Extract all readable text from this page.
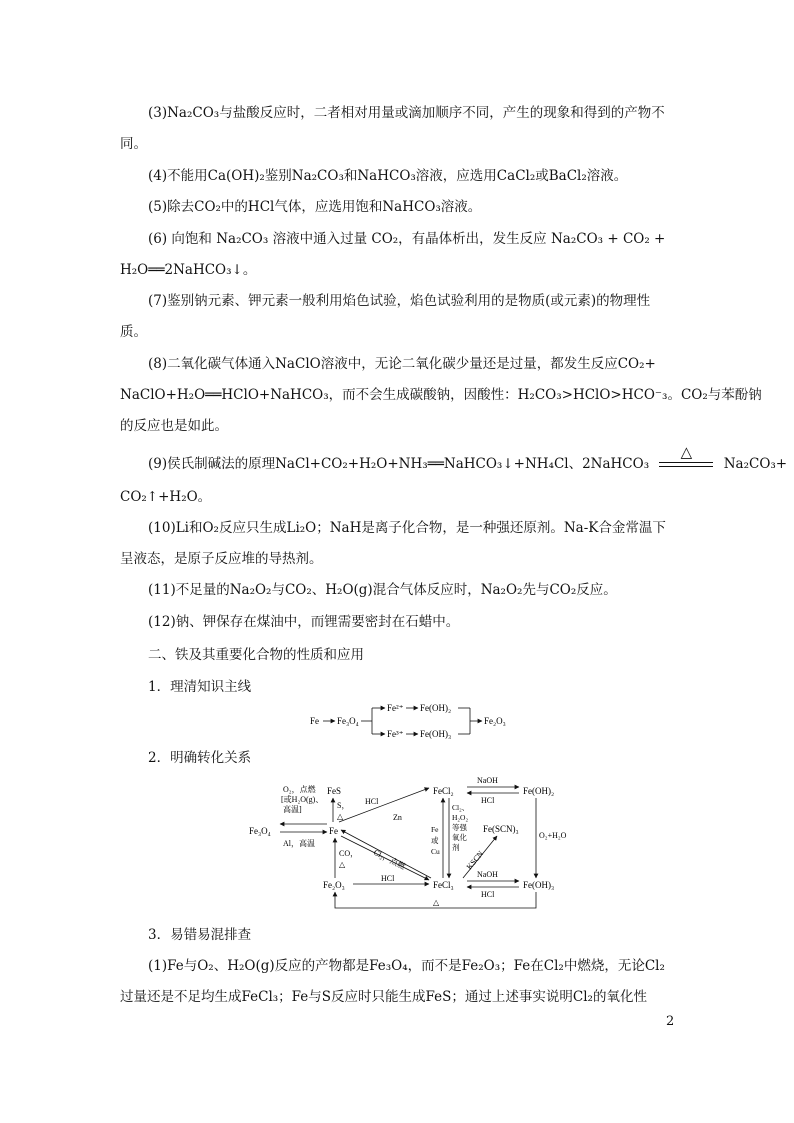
(3)Na₂CO₃与盐酸反应时，二者相对用量或滴加顺序不同，产生的现象和得到的产物不
同。
(4)不能用Ca(OH)₂鉴别Na₂CO₃和NaHCO₃溶液，应选用CaCl₂或BaCl₂溶液。
(5)除去CO₂中的HCl气体，应选用饱和NaHCO₃溶液。
(6) 向饱和 Na₂CO₃ 溶液中通入过量 CO₂，有晶体析出，发生反应 Na₂CO₃ + CO₂ +
H₂O══2NaHCO₃↓。
(7)鉴别钠元素、钾元素一般利用焰色试验，焰色试验利用的是物质(或元素)的物理性
质。
(8)二氧化碳气体通入NaClO溶液中，无论二氧化碳少量还是过量，都发生反应CO₂+
NaClO+H₂O══HClO+NaHCO₃，而不会生成碳酸钠，因酸性：H₂CO₃>HClO>HCO⁻₃。CO₂与苯酚钠
的反应也是如此。
(9)侯氏制碱法的原理NaCl+CO₂+H₂O+NH₃══NaHCO₃↓+NH₄Cl、2NaHCO₃
△
Na₂CO₃+
CO₂↑+H₂O。
(10)Li和O₂反应只生成Li₂O；NaH是离子化合物，是一种强还原剂。Na-K合金常温下
呈液态，是原子反应堆的导热剂。
(11)不足量的Na₂O₂与CO₂、H₂O(g)混合气体反应时，Na₂O₂先与CO₂反应。
(12)钠、钾保存在煤油中，而锂需要密封在石蜡中。
二、铁及其重要化合物的性质和应用
1．理清知识主线
Fe Fe₃O₄
Fe²⁺ Fe(OH)₂
Fe³⁺ Fe(OH)₃
Fe₂O₃
2．明确转化关系
Fe₃O₄	Fe
FeS	FeCl₂	Fe(OH)₂
Fe₂O₃	FeCl₃	Fe(OH)₃
Fe(SCN)₃
O₂，点燃
[或H₂O(g)、
高温]
Al，高温
S，
△
HCl
Zn
Cl₂，点燃
CO，
△
HCl
Cl₂、
H₂O₂
等强
氧化
剂
Fe
或
Cu	KSCN
NaOH
HCl
NaOH
HCl
O₂+H₂O
△
3．易错易混排查
(1)Fe与O₂、H₂O(g)反应的产物都是Fe₃O₄，而不是Fe₂O₃；Fe在Cl₂中燃烧，无论Cl₂
过量还是不足均生成FeCl₃；Fe与S反应时只能生成FeS；通过上述事实说明Cl₂的氧化性
2
